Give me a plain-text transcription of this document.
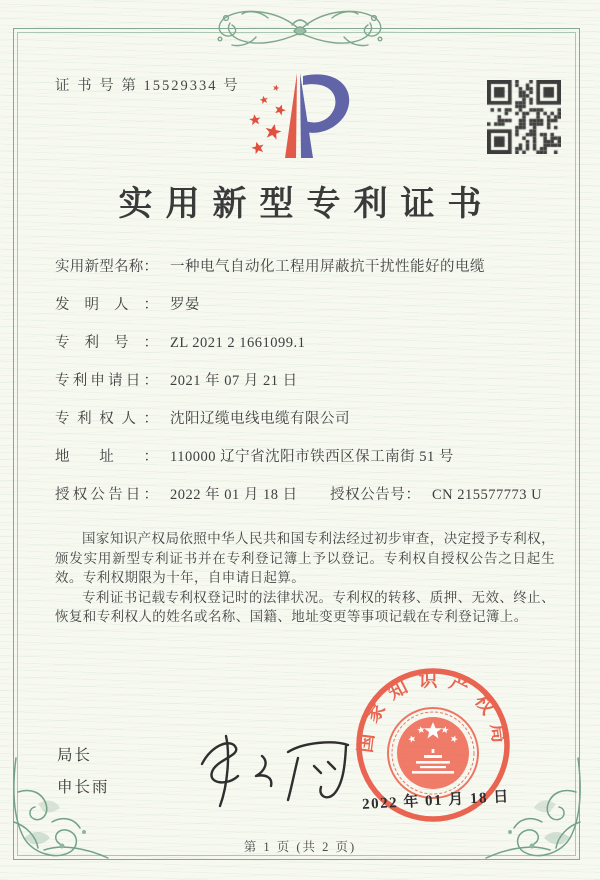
证 书 号 第 15529334 号
实用新型专利证书
实用新型名称： 一种电气自动化工程用屏蔽抗干扰性能好的电缆
发明人： 罗晏
专利号： ZL 2021 2 1661099.1
专利申请日： 2021 年 07 月 21 日
专利权人： 沈阳辽缆电线电缆有限公司
地址： 110000 辽宁省沈阳市铁西区保工南街 51 号
授权公告日： 2022 年 01 月 18 日	授权公告号： CN 215577773 U

国家知识产权局依照中华人民共和国专利法经过初步审查，决定授予专利权，颁发实用新型专利证书并在专利登记簿上予以登记。专利权自授权公告之日起生效。专利权期限为十年，自申请日起算。

专利证书记载专利权登记时的法律状况。专利权的转移、质押、无效、终止、恢复和专利权人的姓名或名称、国籍、地址变更等事项记载在专利登记簿上。

局长
申长雨
国家知识产权局
2022 年 01 月 18 日
第 1 页 (共 2 页)
